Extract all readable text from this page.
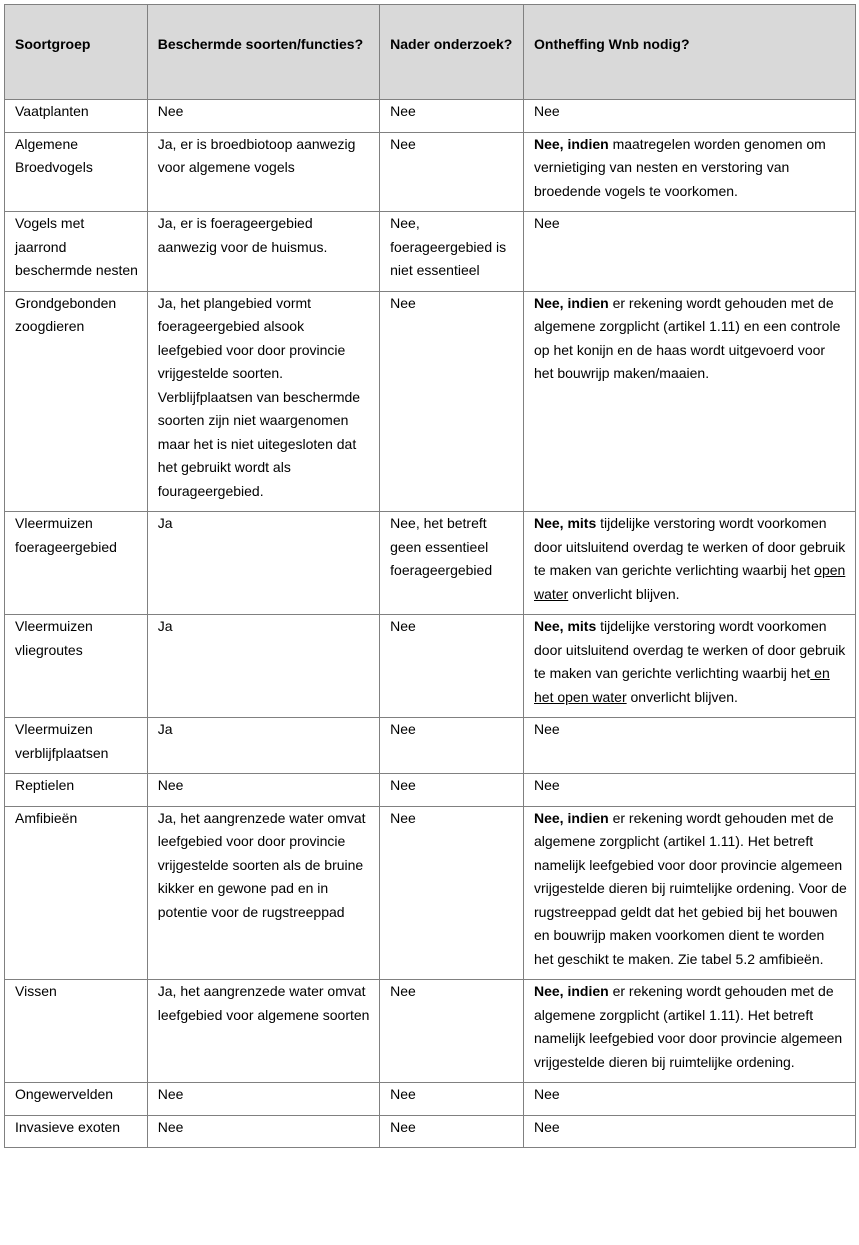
Soortgroep	Beschermde soorten/functies?	Nader onderzoek?	Ontheffing Wnb nodig?
Vaatplanten	Nee	Nee	Nee
Algemene Broedvogels	Ja, er is broedbiotoop aanwezig voor algemene vogels	Nee	Nee, indien maatregelen worden genomen om vernietiging van nesten en verstoring van broedende vogels te voorkomen.
Vogels met jaarrond beschermde nesten	Ja, er is foerageergebied aanwezig voor de huismus.	Nee, foerageergebied is niet essentieel	Nee
Grondgebonden zoogdieren	Ja, het plangebied vormt foerageergebied alsook leefgebied voor door provincie vrijgestelde soorten. Verblijfplaatsen van beschermde soorten zijn niet waargenomen maar het is niet uitegesloten dat het gebruikt wordt als fourageergebied.	Nee	Nee, indien er rekening wordt gehouden met de algemene zorgplicht (artikel 1.11) en een controle op het konijn en de haas wordt uitgevoerd voor het bouwrijp maken/maaien.
Vleermuizen foerageergebied	Ja	Nee, het betreft geen essentieel foerageergebied	Nee, mits tijdelijke verstoring wordt voorkomen door uitsluitend overdag te werken of door gebruik te maken van gerichte verlichting waarbij het open water onverlicht blijven.
Vleermuizen vliegroutes	Ja	Nee	Nee, mits tijdelijke verstoring wordt voorkomen door uitsluitend overdag te werken of door gebruik te maken van gerichte verlichting waarbij het en het open water onverlicht blijven.
Vleermuizen verblijfplaatsen	Ja	Nee	Nee
Reptielen	Nee	Nee	Nee
Amfibieën	Ja, het aangrenzede water omvat leefgebied voor door provincie vrijgestelde soorten als de bruine kikker en gewone pad en in potentie voor de rugstreeppad	Nee	Nee, indien er rekening wordt gehouden met de algemene zorgplicht (artikel 1.11). Het betreft namelijk leefgebied voor door provincie algemeen vrijgestelde dieren bij ruimtelijke ordening. Voor de rugstreeppad geldt dat het gebied bij het bouwen en bouwrijp maken voorkomen dient te worden het geschikt te maken. Zie tabel 5.2 amfibieën.
Vissen	Ja, het aangrenzede water omvat leefgebied voor algemene soorten	Nee	Nee, indien er rekening wordt gehouden met de algemene zorgplicht (artikel 1.11). Het betreft namelijk leefgebied voor door provincie algemeen vrijgestelde dieren bij ruimtelijke ordening.
Ongewervelden	Nee	Nee	Nee
Invasieve exoten	Nee	Nee	Nee
